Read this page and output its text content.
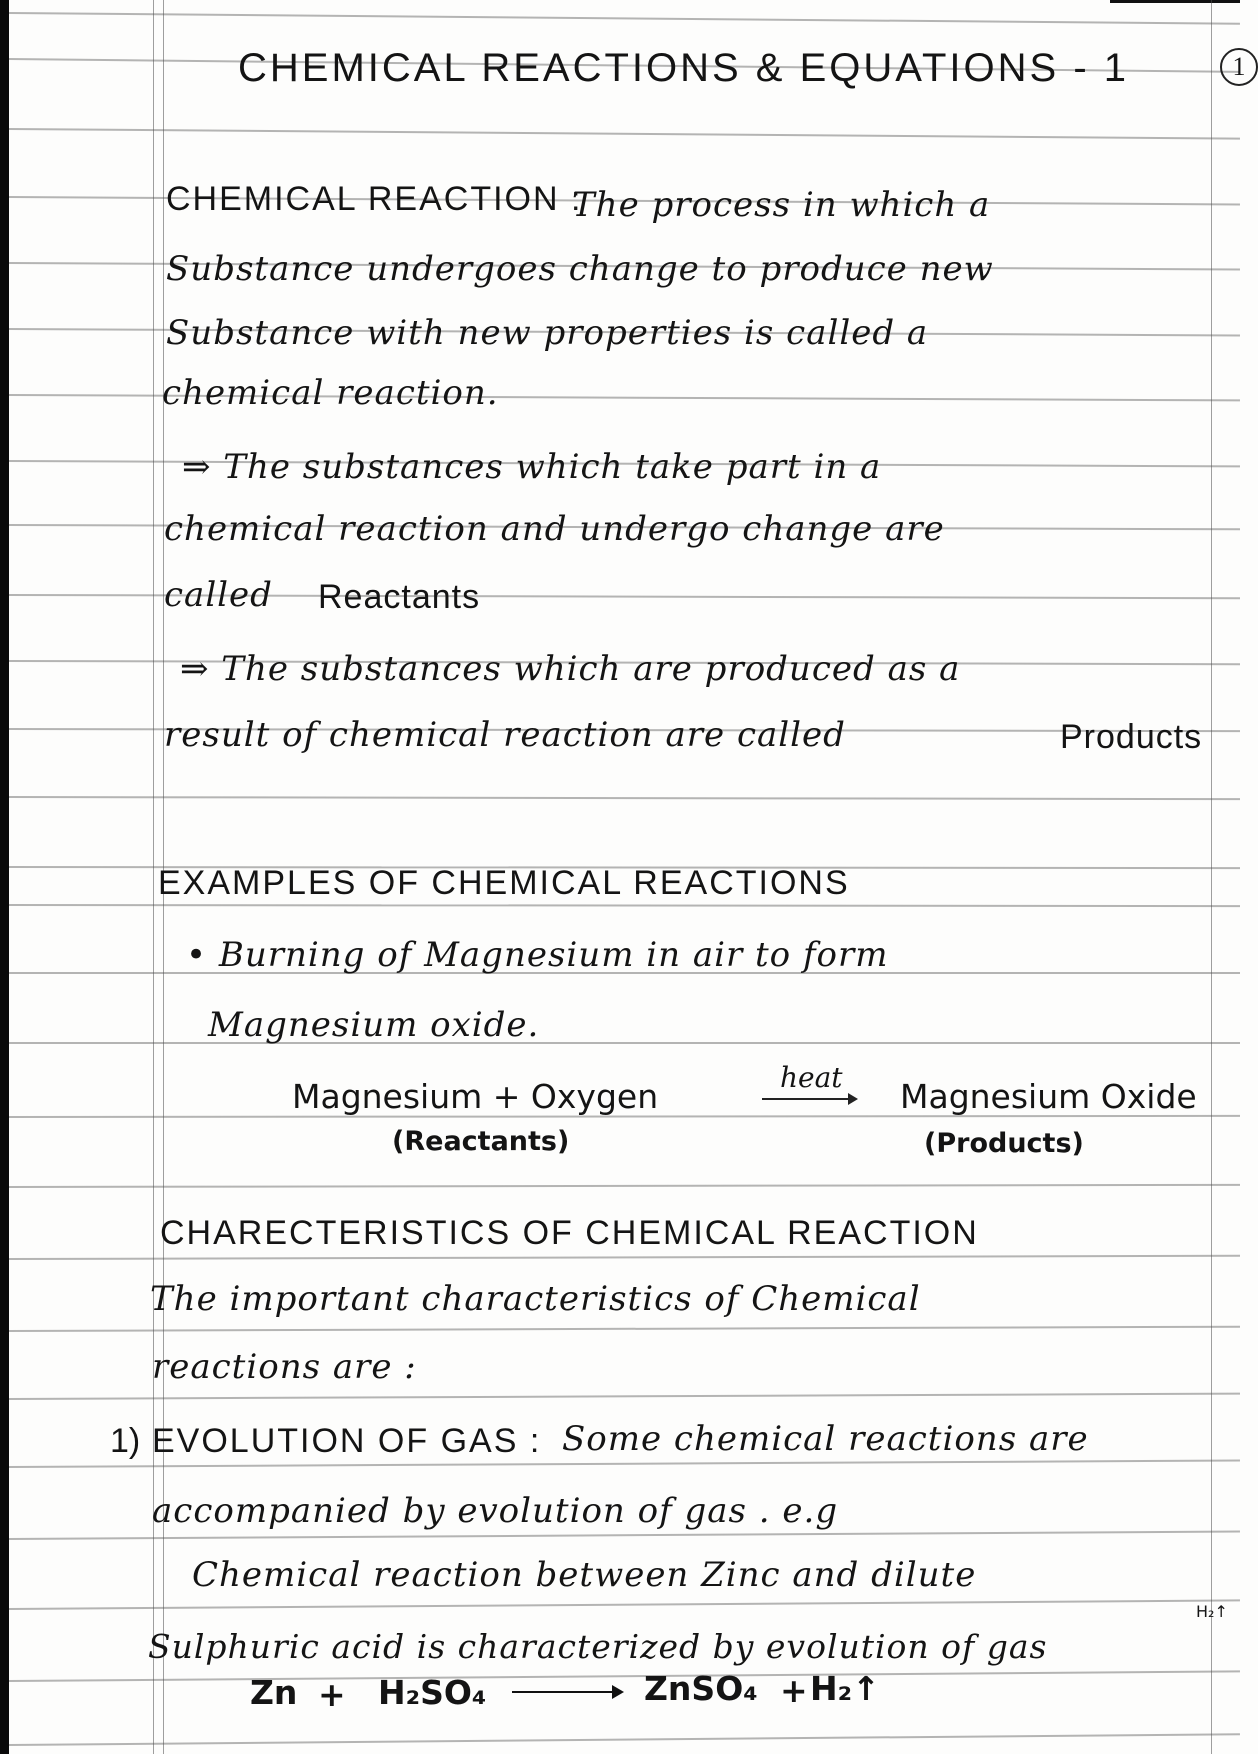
CHEMICAL REACTIONS & EQUATIONS - 1	1
CHEMICAL REACTION :
The process in which a
Substance undergoes change to produce new
Substance with new properties is called a
chemical reaction.
⇒ The substances which take part in a
chemical reaction and undergo change are
called Reactants
⇒ The substances which are produced as a
result of chemical reaction are called	Products
EXAMPLES OF CHEMICAL REACTIONS
• Burning of Magnesium in air to form
Magnesium oxide.
Magnesium + Oxygen	heat Magnesium Oxide
(Reactants)	(Products)
CHARECTERISTICS OF CHEMICAL REACTION
The important characteristics of Chemical
reactions are :
1) EVOLUTION OF GAS : Some chemical reactions are
accompanied by evolution of gas . e.g
Chemical reaction between Zinc and dilute
Sulphuric acid is characterized by evolution of gas
H₂↑
Zn + H₂SO₄	ZnSO₄ + H₂↑
